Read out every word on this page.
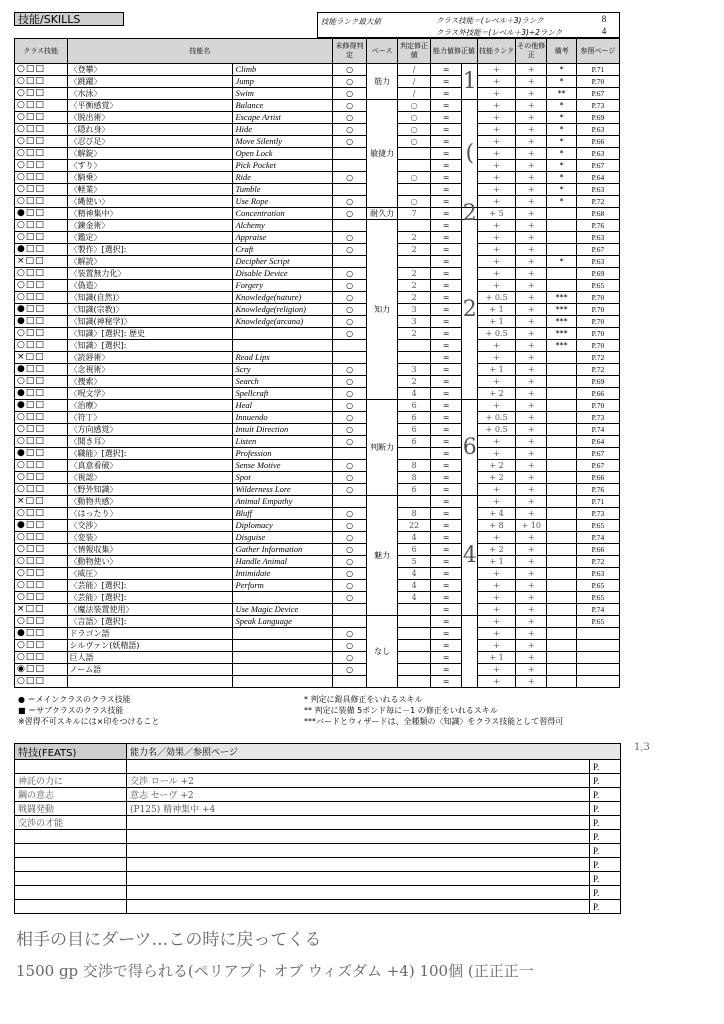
技能/SKILLS	技能ランク最大値	クラス技能＝(レベル＋3)ランク	8
クラス外技能＝(レベル＋3)÷2ランク	4
クラス技能	技能名		未修得判定	ベース	判定修正値	能力値修正値		技能ランク	その他修正	備考	参照ページ
○□□	〈登攀〉	Climb	○	筋力	/	=	1	+	+	*	P.71
○□□	〈跳躍〉	Jump	○		/	=		+	+	*	P.70
○□□	〈水泳〉	Swim	○		/	=		+	+	**	P.67
○□□	〈平衡感覚〉	Balance	○	敏捷力	○	=	(	+	+	*	P.73
○□□	〈脱出術〉	Escape Artist	○		○	=		+	+	*	P.69
○□□	〈隠れ身〉	Hide	○		○	=		+	+	*	P.63
○□□	〈忍び足〉	Move Silently	○		○	=		+	+	*	P.66
○□□	〈解錠〉	Open Lock				=		+	+	*	P.63
○□□	〈すり〉	Pick Pocket				=		+	+	*	P.67
○□□	〈騎乗〉	Ride	○		○	=		+	+	*	P.64
○□□	〈軽業〉	Tumble				=		+	+	*	P.63
○□□	〈縄使い〉	Use Rope	○		○	=		+	+	*	P.72
●□□	〈精神集中〉	Concentration	○	耐久力	7	=	2	+ 5	+		P.68
○□□	〈錬金術〉	Alchemy		知力		=	2	+	+		P.76
○□□	〈鑑定〉	Appraise	○		2	=		+	+		P.63
●□□	〈製作〉[選択]:	Craft	○		2	=		+	+		P.67
×□□	〈解読〉	Decipher Script				=		+	+	*	P.63
○□□	〈装置無力化〉	Disable Device	○		2	=		+	+		P.69
○□□	〈偽造〉	Forgery	○		2	=		+	+		P.65
○□□	〈知識(自然)〉	Knowledge(nature)	○		2	=		+ 0.5	+	***	P.70
●□□	〈知識(宗教)〉	Knowledge(religion)	○		3	=		+ 1	+	***	P.70
●□□	〈知識(神秘学)〉	Knowledge(arcana)	○		3	=		+ 1	+	***	P.70
○□□	〈知識〉[選択]: 歴史		○		2	=		+ 0.5	+	***	P.70
○□□	〈知識〉[選択]:					=		+	+	***	P.70
×□□	〈読唇術〉	Read Lips				=		+	+		P.72
●□□	〈念視術〉	Scry	○		3	=		+ 1	+		P.72
○□□	〈捜索〉	Search	○		2	=		+	+		P.69
●□□	〈呪文学〉	Spellcraft	○		4	=		+ 2	+		P.66
●□□	〈治療〉	Heal	○	判断力	6	=	6	+	+		P.70
○□□	〈符丁〉	Innuendo	○		6	=		+ 0.5	+		P.73
○□□	〈方向感覚〉	Intuit Direction	○		6	=		+ 0.5	+		P.74
○□□	〈聞き耳〉	Listen	○		6	=		+	+		P.64
●□□	〈職能〉[選択]:	Profession				=		+	+		P.67
○□□	〈真意看破〉	Sense Motive	○		8	=		+ 2	+		P.67
○□□	〈視認〉	Spot	○		8	=		+ 2	+		P.66
○□□	〈野外知識〉	Wilderness Lore	○		6	=		+	+		P.76
×□□	〈動物共感〉	Animal Empathy		魅力		=	4	+	+		P.71
○□□	〈はったり〉	Bluff	○		8	=		+ 4	+		P.73
●□□	〈交渉〉	Diplomacy	○		22	=		+ 8	+ 10		P.65
○□□	〈変装〉	Disguise	○		4	=		+	+		P.74
○□□	〈情報収集〉	Gather Information	○		6	=		+ 2	+		P.66
○□□	〈動物使い〉	Handle Animal	○		5	=		+ 1	+		P.72
○□□	〈威圧〉	Intimidate	○		4	=		+	+		P.63
○□□	〈芸能〉[選択]:	Perform	○		4	=		+	+		P.65
○□□	〈芸能〉[選択]:		○		4	=		+	+		P.65
×□□	〈魔法装置使用〉	Use Magic Device				=		+	+		P.74
○□□	〈言語〉[選択]:	Speak Language		なし		=		+	+		P.65
●□□	ドラゴン語		○			=		+	+		
○□□	シルヴァン(妖精語)		○			=		+	+		
○□□	巨人語		○			=		+ 1	+		
◉□□	ノーム語		○			=		+	+		
○□□						=		+	+		
● ＝メインクラスのクラス技能
■ ＝サブクラスのクラス技能
※習得不可スキルには×印をつけること
* 判定に鎧具修正をいれるスキル
** 判定に装備 5ポンド毎に－1 の修正をいれるスキル
***バードとウィザードは、全種類の〈知識〉をクラス技能として習得可
特技(FEATS)	能力名／効果／参照ページ	
		P.
神託の力に	交渉 ロール +2	P.
鋼の意志	意志 セーヴ +2	P.
戦闘発動	(P125) 精神集中 +4	P.
交渉の才能		P.
		P.
		P.
		P.
		P.
		P.
		P.
1,3
相手の目にダーツ…この時に戻ってくる
1500 gp 交渉で得られる(ペリアプト オブ ウィズダム +4) 100個 (正正正一
